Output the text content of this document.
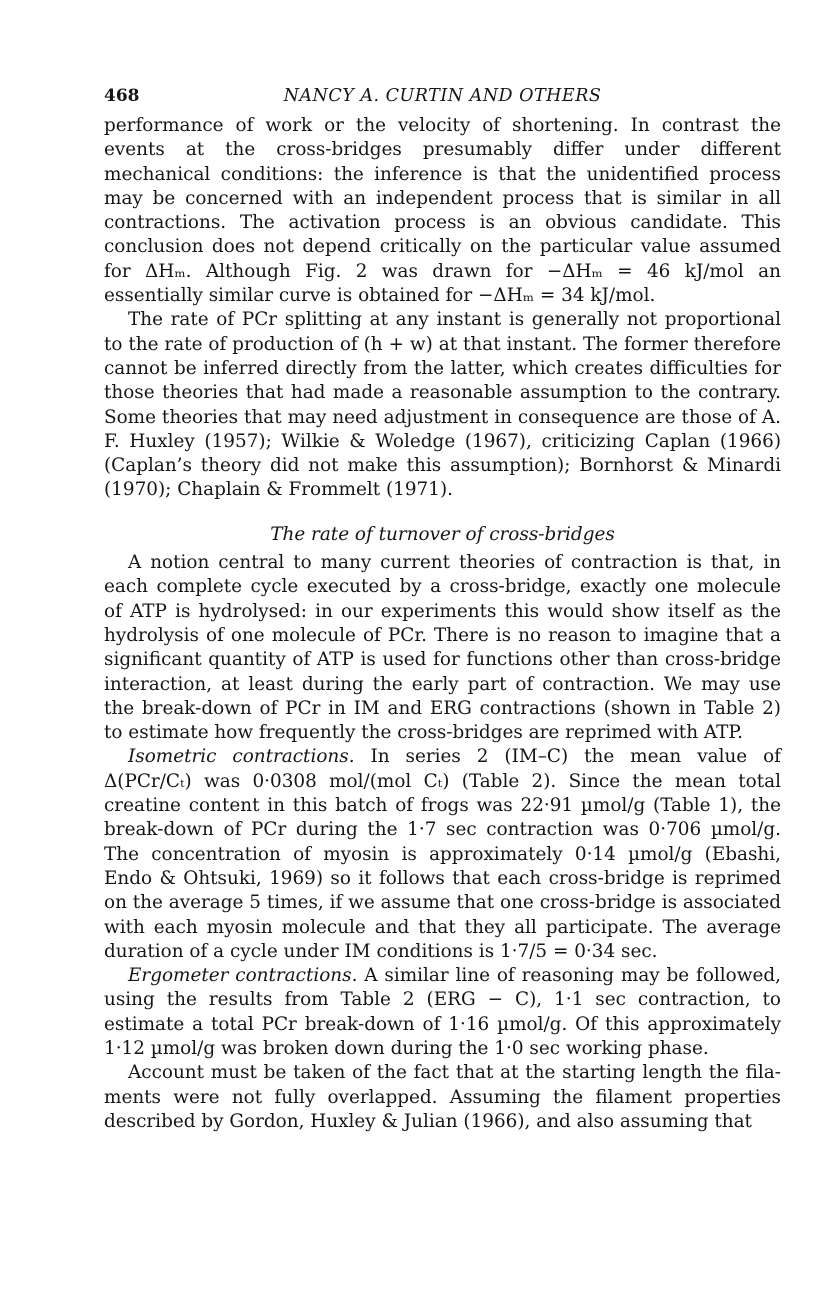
468	NANCY A. CURTIN AND OTHERS

performance of work or the velocity of shortening. In contrast the events at the cross-bridges presumably differ under different mechanical conditions: the inference is that the unidentified process may be concerned with an independent process that is similar in all contractions. The activation process is an obvious candidate. This conclusion does not depend critically on the particular value assumed for ΔHₘ. Although Fig. 2 was drawn for −ΔHₘ = 46 kJ/mol an essentially similar curve is obtained for −ΔHₘ = 34 kJ/mol.

The rate of PCr splitting at any instant is generally not proportional to the rate of production of (h + w) at that instant. The former therefore cannot be inferred directly from the latter, which creates difficulties for those theories that had made a reasonable assumption to the contrary. Some theories that may need adjustment in consequence are those of A. F. Huxley (1957); Wilkie & Woledge (1967), criticizing Caplan (1966) (Caplan’s theory did not make this assumption); Bornhorst & Minardi (1970); Chaplain & Frommelt (1971).

The rate of turnover of cross-bridges

A notion central to many current theories of contraction is that, in each complete cycle executed by a cross-bridge, exactly one molecule of ATP is hydrolysed: in our experiments this would show itself as the hydrolysis of one molecule of PCr. There is no reason to imagine that a significant quantity of ATP is used for functions other than cross-bridge interaction, at least during the early part of contraction. We may use the break-down of PCr in IM and ERG contractions (shown in Table 2) to estimate how frequently the cross-bridges are reprimed with ATP.

Isometric contractions. In series 2 (IM–C) the mean value of Δ(PCr/Cₜ) was 0·0308 mol/(mol Cₜ) (Table 2). Since the mean total creatine content in this batch of frogs was 22·91 µmol/g (Table 1), the break-down of PCr during the 1·7 sec contraction was 0·706 µmol/g. The concentration of myosin is approximately 0·14 µmol/g (Ebashi, Endo & Ohtsuki, 1969) so it follows that each cross-bridge is reprimed on the average 5 times, if we assume that one cross-bridge is associated with each myosin molecule and that they all participate. The average duration of a cycle under IM conditions is 1·7/5 = 0·34 sec.

Ergometer contractions. A similar line of reasoning may be followed, using the results from Table 2 (ERG − C), 1·1 sec contraction, to estimate a total PCr break-down of 1·16 µmol/g. Of this approximately 1·12 µmol/g was broken down during the 1·0 sec working phase.

Account must be taken of the fact that at the starting length the filaments were not fully overlapped. Assuming the filament properties described by Gordon, Huxley & Julian (1966), and also assuming that
